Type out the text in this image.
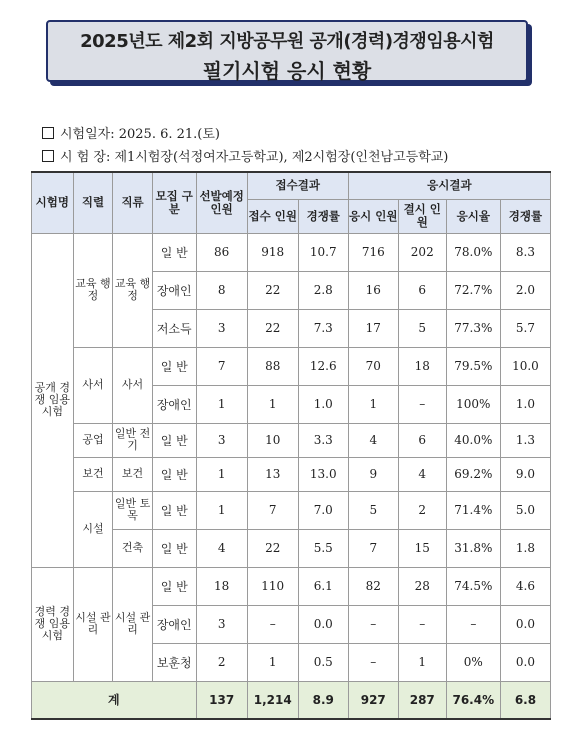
2025년도 제2회 지방공무원 공개(경력)경쟁임용시험
필기시험 응시 현황
시험일자: 2025. 6. 21.(토)
시 험 장: 제1시험장(석정여자고등학교), 제2시험장(인천남고등학교)
시험명	직렬	직류	모집 구분	선발예정 인원	접수결과		응시결과			
					접수 인원	경쟁률	응시 인원	결시 인원	응시율	경쟁률
공개 경쟁 임용 시험	교육 행정	교육 행정	일 반	86	918	10.7	716	202	78.0%	8.3
			장애인	8	22	2.8	16	6	72.7%	2.0
			저소득	3	22	7.3	17	5	77.3%	5.7
	사서	사서	일 반	7	88	12.6	70	18	79.5%	10.0
			장애인	1	1	1.0	1	–	100%	1.0
	공업	일반 전기	일 반	3	10	3.3	4	6	40.0%	1.3
	보건	보건	일 반	1	13	13.0	9	4	69.2%	9.0
	시설	일반 토목	일 반	1	7	7.0	5	2	71.4%	5.0
		건축	일 반	4	22	5.5	7	15	31.8%	1.8
경력 경쟁 임용 시험	시설 관리	시설 관리	일 반	18	110	6.1	82	28	74.5%	4.6
			장애인	3	–	0.0	–	–	–	0.0
			보훈청	2	1	0.5	–	1	0%	0.0
계				137	1,214	8.9	927	287	76.4%	6.8
